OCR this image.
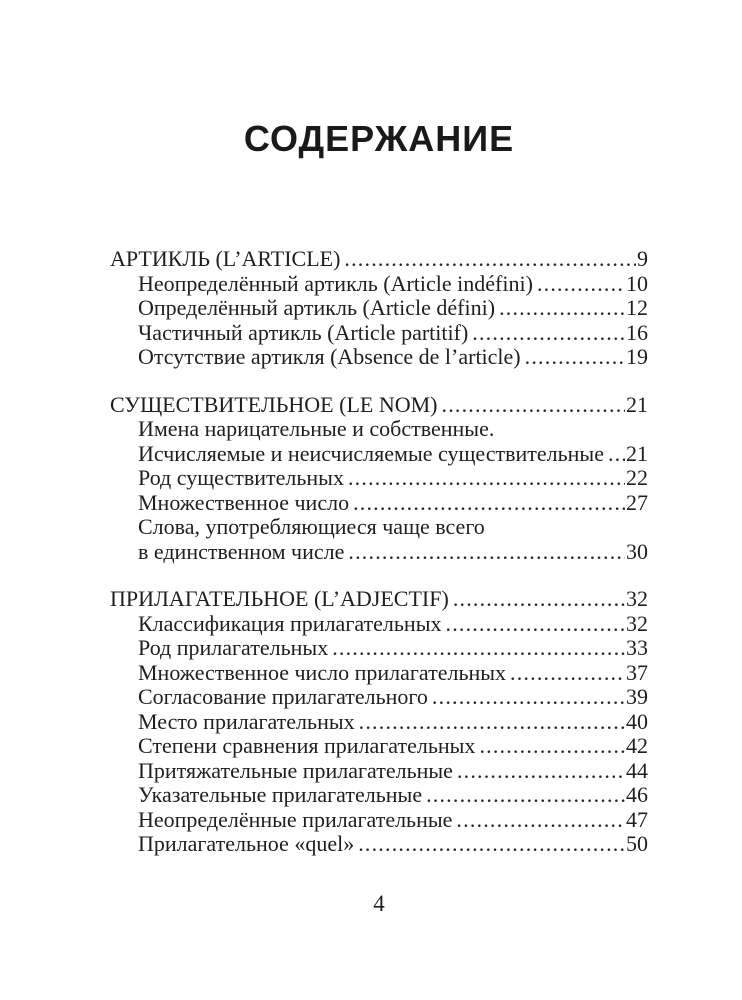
СОДЕРЖАНИЕ
АРТИКЛЬ (L’ARTICLE) .....	9
Неопределённый артикль (Article indéfini) .....	10
Определённый артикль (Article défini) .....	12
Частичный артикль (Article partitif) .....	16
Отсутствие артикля (Absence de l’article) .....	19
СУЩЕСТВИТЕЛЬНОЕ (LE NOM) .....	21
Имена нарицательные и собственные.
Исчисляемые и неисчисляемые существительные ..... 21
Род существительных .....	22
Множественное число .....	27
Слова, употребляющиеся чаще всего
в единственном числе .....	30
ПРИЛАГАТЕЛЬНОЕ (L’ADJECTIF) .....	32
Классификация прилагательных .....	32
Род прилагательных .....	33
Множественное число прилагательных .....	37
Согласование прилагательного .....	39
Место прилагательных .....	40
Степени сравнения прилагательных .....	42
Притяжательные прилагательные .....	44
Указательные прилагательные .....	46
Неопределённые прилагательные .....	47
Прилагательное «quel» .....	50
4
